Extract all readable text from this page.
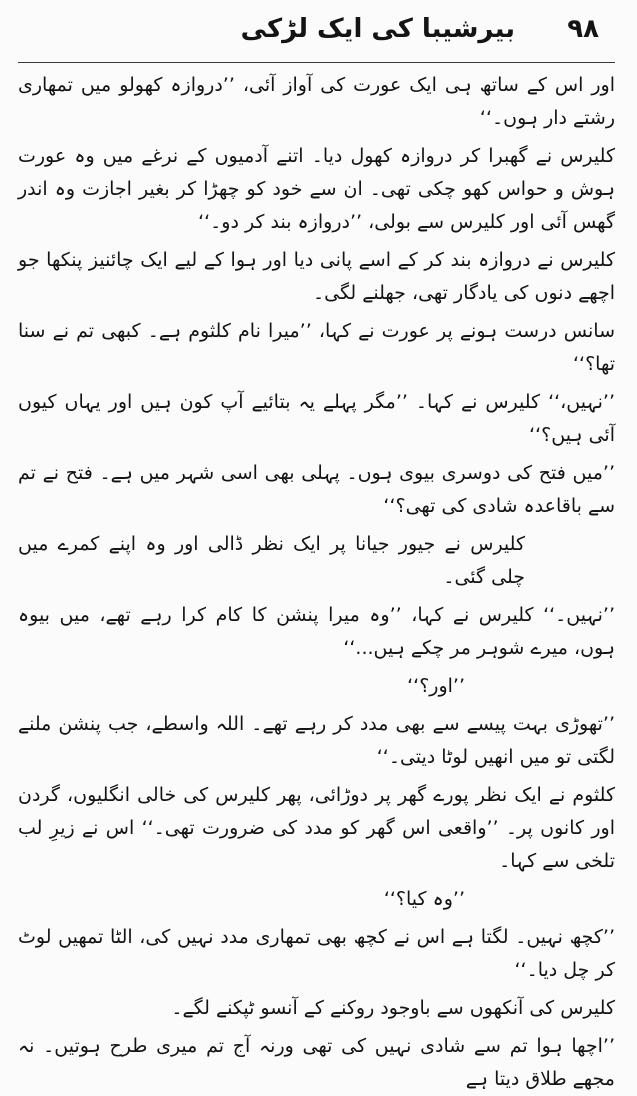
۹۸
بیرشیبا کی ایک لڑکی

اور اس کے ساتھ ہی ایک عورت کی آواز آئی، ’’دروازہ کھولو میں تمھاری رشتے دار ہوں۔‘‘

کلیرس نے گھبرا کر دروازہ کھول دیا۔ اتنے آدمیوں کے نرغے میں وہ عورت ہوش و حواس کھو چکی تھی۔ ان سے خود کو چھڑا کر بغیر اجازت وہ اندر گھس آئی اور کلیرس سے بولی، ’’دروازہ بند کر دو۔‘‘

کلیرس نے دروازہ بند کر کے اسے پانی دیا اور ہوا کے لیے ایک چائنیز پنکھا جو اچھے دنوں کی یادگار تھی، جھلنے لگی۔

سانس درست ہونے پر عورت نے کہا، ’’میرا نام کلثوم ہے۔ کبھی تم نے سنا تھا؟‘‘

’’نہیں،‘‘ کلیرس نے کہا۔ ’’مگر پہلے یہ بتائیے آپ کون ہیں اور یہاں کیوں آئی ہیں؟‘‘

’’میں فتح کی دوسری بیوی ہوں۔ پہلی بھی اسی شہر میں ہے۔ فتح نے تم سے باقاعدہ شادی کی تھی؟‘‘

کلیرس نے جیور جیانا پر ایک نظر ڈالی اور وہ اپنے کمرے میں چلی گئی۔

’’نہیں۔‘‘ کلیرس نے کہا، ’’وہ میرا پنشن کا کام کرا رہے تھے، میں بیوہ ہوں، میرے شوہر مر چکے ہیں...‘‘

’’اور؟‘‘

’’تھوڑی بہت پیسے سے بھی مدد کر رہے تھے۔ اللہ واسطے، جب پنشن ملنے لگتی تو میں انھیں لوٹا دیتی۔‘‘

کلثوم نے ایک نظر پورے گھر پر دوڑائی، پھر کلیرس کی خالی انگلیوں، گردن اور کانوں پر۔ ’’واقعی اس گھر کو مدد کی ضرورت تھی۔‘‘ اس نے زیرِ لب تلخی سے کہا۔

’’وہ کیا؟‘‘

’’کچھ نہیں۔ لگتا ہے اس نے کچھ بھی تمھاری مدد نہیں کی، الٹا تمھیں لوٹ کر چل دیا۔‘‘

کلیرس کی آنکھوں سے باوجود روکنے کے آنسو ٹپکنے لگے۔

’’اچھا ہوا تم سے شادی نہیں کی تھی ورنہ آج تم میری طرح ہوتیں۔ نہ مجھے طلاق دیتا ہے
